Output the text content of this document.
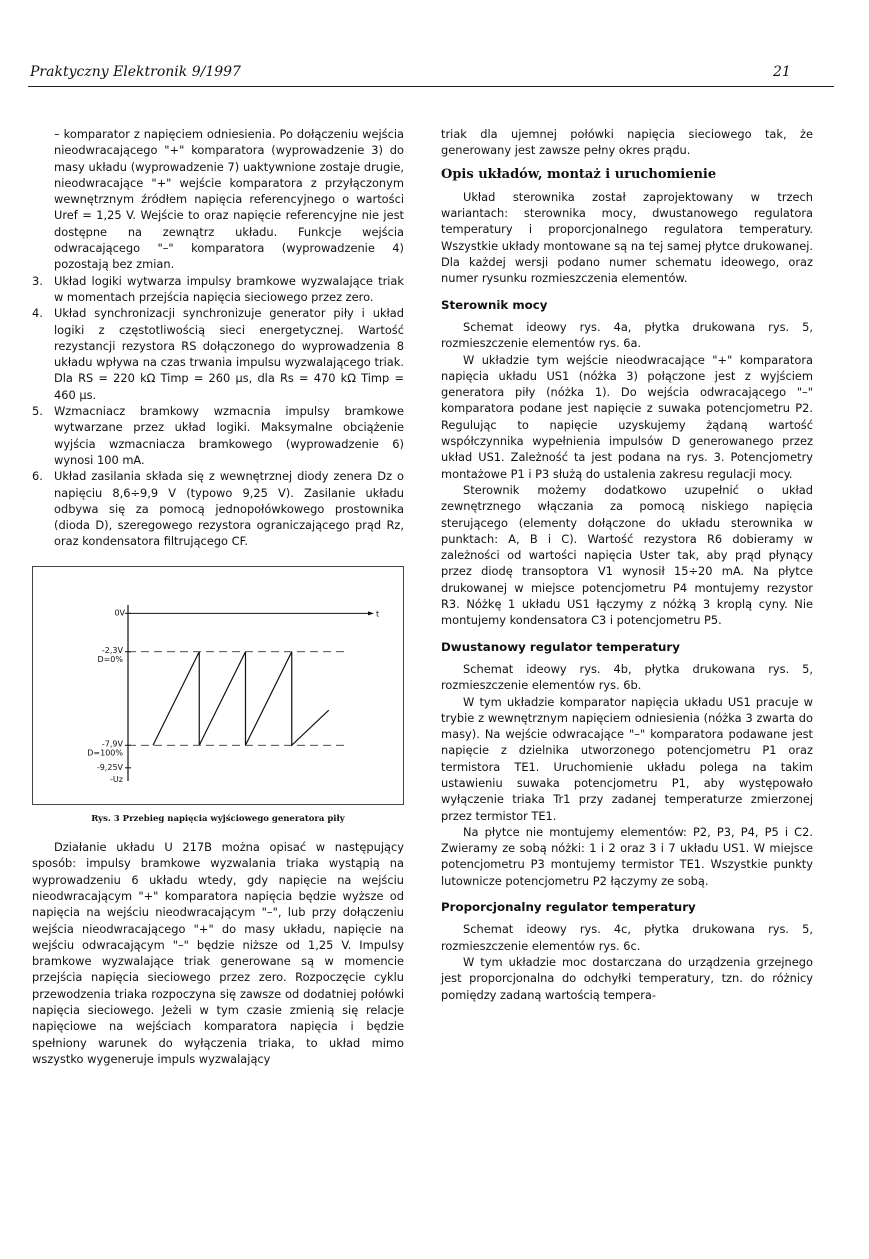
Praktyczny Elektronik 9/1997	21

– komparator z napięciem odniesienia. Po dołączeniu wejścia nieodwracającego "+" komparatora (wyprowadzenie 3) do masy układu (wyprowadzenie 7) uaktywnione zostaje drugie, nieodwracające "+" wejście komparatora z przyłączonym wewnętrznym źródłem napięcia referencyjnego o wartości Uref = 1,25 V. Wejście to oraz napięcie referencyjne nie jest dostępne na zewnątrz układu. Funkcje wejścia odwracającego "–" komparatora (wyprowadzenie 4) pozostają bez zmian.

3. Układ logiki wytwarza impulsy bramkowe wyzwalające triak w momentach przejścia napięcia sieciowego przez zero.

4. Układ synchronizacji synchronizuje generator piły i układ logiki z częstotliwością sieci energetycznej. Wartość rezystancji rezystora RS dołączonego do wyprowadzenia 8 układu wpływa na czas trwania impulsu wyzwalającego triak. Dla RS = 220 kΩ Timp = 260 μs, dla Rs = 470 kΩ Timp = 460 μs.

5. Wzmacniacz bramkowy wzmacnia impulsy bramkowe wytwarzane przez układ logiki. Maksymalne obciążenie wyjścia wzmacniacza bramkowego (wyprowadzenie 6) wynosi 100 mA.

6. Układ zasilania składa się z wewnętrznej diody zenera Dz o napięciu 8,6÷9,9 V (typowo 9,25 V). Zasilanie układu odbywa się za pomocą jednopołówkowego prostownika (dioda D), szeregowego rezystora ograniczającego prąd Rz, oraz kondensatora filtrującego CF.

t
0V
-2,3V
D=0%
-7,9V
D=100%
-9,25V
-Uz

Rys. 3 Przebieg napięcia wyjściowego generatora piły

Działanie układu U 217B można opisać w następujący sposób: impulsy bramkowe wyzwalania triaka wystąpią na wyprowadzeniu 6 układu wtedy, gdy napięcie na wejściu nieodwracającym "+" komparatora napięcia będzie wyższe od napięcia na wejściu nieodwracającym "–", lub przy dołączeniu wejścia nieodwracającego "+" do masy układu, napięcie na wejściu odwracającym "–" będzie niższe od 1,25 V. Impulsy bramkowe wyzwalające triak generowane są w momencie przejścia napięcia sieciowego przez zero. Rozpoczęcie cyklu przewodzenia triaka rozpoczyna się zawsze od dodatniej połówki napięcia sieciowego. Jeżeli w tym czasie zmienią się relacje napięciowe na wejściach komparatora napięcia i będzie spełniony warunek do wyłączenia triaka, to układ mimo wszystko wygeneruje impuls wyzwalający

triak dla ujemnej połówki napięcia sieciowego tak, że generowany jest zawsze pełny okres prądu.

Opis układów, montaż i uruchomienie

Układ sterownika został zaprojektowany w trzech wariantach: sterownika mocy, dwustanowego regulatora temperatury i proporcjonalnego regulatora temperatury. Wszystkie układy montowane są na tej samej płytce drukowanej. Dla każdej wersji podano numer schematu ideowego, oraz numer rysunku rozmieszczenia elementów.

Sterownik mocy

Schemat ideowy rys. 4a, płytka drukowana rys. 5, rozmieszczenie elementów rys. 6a.

W układzie tym wejście nieodwracające "+" komparatora napięcia układu US1 (nóżka 3) połączone jest z wyjściem generatora piły (nóżka 1). Do wejścia odwracającego "–" komparatora podane jest napięcie z suwaka potencjometru P2. Regulując to napięcie uzyskujemy żądaną wartość współczynnika wypełnienia impulsów D generowanego przez układ US1. Zależność ta jest podana na rys. 3. Potencjometry montażowe P1 i P3 służą do ustalenia zakresu regulacji mocy.

Sterownik możemy dodatkowo uzupełnić o układ zewnętrznego włączania za pomocą niskiego napięcia sterującego (elementy dołączone do układu sterownika w punktach: A, B i C). Wartość rezystora R6 dobieramy w zależności od wartości napięcia Uster tak, aby prąd płynący przez diodę transoptora V1 wynosił 15÷20 mA. Na płytce drukowanej w miejsce potencjometru P4 montujemy rezystor R3. Nóżkę 1 układu US1 łączymy z nóżką 3 kroplą cyny. Nie montujemy kondensatora C3 i potencjometru P5.

Dwustanowy regulator temperatury

Schemat ideowy rys. 4b, płytka drukowana rys. 5, rozmieszczenie elementów rys. 6b.

W tym układzie komparator napięcia układu US1 pracuje w trybie z wewnętrznym napięciem odniesienia (nóżka 3 zwarta do masy). Na wejście odwracające "–" komparatora podawane jest napięcie z dzielnika utworzonego potencjometru P1 oraz termistora TE1. Uruchomienie układu polega na takim ustawieniu suwaka potencjometru P1, aby występowało wyłączenie triaka Tr1 przy zadanej temperaturze zmierzonej przez termistor TE1.

Na płytce nie montujemy elementów: P2, P3, P4, P5 i C2. Zwieramy ze sobą nóżki: 1 i 2 oraz 3 i 7 układu US1. W miejsce potencjometru P3 montujemy termistor TE1. Wszystkie punkty lutownicze potencjometru P2 łączymy ze sobą.

Proporcjonalny regulator temperatury

Schemat ideowy rys. 4c, płytka drukowana rys. 5, rozmieszczenie elementów rys. 6c.

W tym układzie moc dostarczana do urządzenia grzejnego jest proporcjonalna do odchyłki temperatury, tzn. do różnicy pomiędzy zadaną wartością tempera-
